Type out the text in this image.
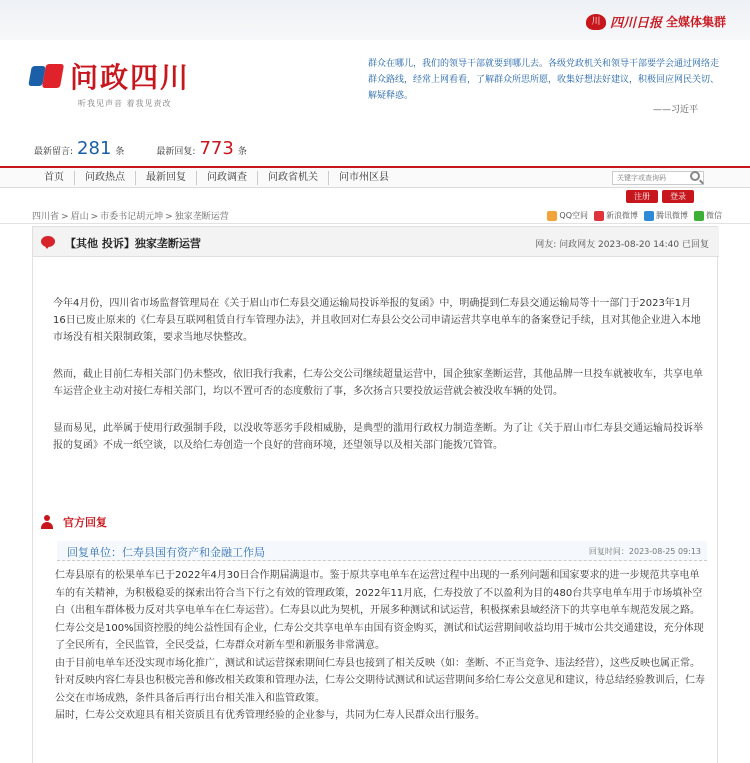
川 四川日报 全媒体集群
问政四川
听我见声音 着我见责改
群众在哪儿，我们的领导干部就要到哪儿去。各级党政机关和领导干部要学会通过网络走群众路线，经常上网看看，了解群众所思所愿，收集好想法好建议，积极回应网民关切、解疑释惑。
——习近平
最新留言: 281 条	最新回复: 773 条
首页	问政热点	最新回复	问政调查	问政省机关	问市州区县	关键字或查询码
注册	登录
四川省 > 眉山 > 市委书记胡元坤 > 独家垄断运营	QQ空间 新浪微博 腾讯微博 微信
【其他 投诉】独家垄断运营	网友: 问政网友 2023-08-20 14:40 已回复

今年4月份，四川省市场监督管理局在《关于眉山市仁寿县交通运输局投诉举报的复函》中，明确提到仁寿县交通运输局等十一部门于2023年1月16日已废止原来的《仁寿县互联网租赁自行车管理办法》，并且收回对仁寿县公交公司申请运营共享电单车的备案登记手续，且对其他企业进入本地市场没有相关限制政策，要求当地尽快整改。

然而，截止目前仁寿相关部门仍未整改，依旧我行我素，仁寿公交公司继续超量运营中，国企独家垄断运营，其他品牌一旦投车就被收车，共享电单车运营企业主动对接仁寿相关部门，均以不置可否的态度敷衍了事，多次扬言只要投放运营就会被没收车辆的处罚。

显而易见，此举属于使用行政强制手段，以没收等恶劣手段相威胁，是典型的滥用行政权力制造垄断。为了让《关于眉山市仁寿县交通运输局投诉举报的复函》不成一纸空谈，以及给仁寿创造一个良好的营商环境，还望领导以及相关部门能拨冗管管。

官方回复
回复单位：仁寿县国有资产和金融工作局	回复时间：2023-08-25 09:13
仁寿县原有的松果单车已于2022年4月30日合作期届满退市。鉴于原共享电单车在运营过程中出现的一系列问题和国家要求的进一步规范共享电单车的有关精神，为积极稳妥的探索出符合当下行之有效的管理政策，2022年11月底，仁寿投放了不以盈利为目的480台共享电单车用于市场填补空白（出租车群体极力反对共享电单车在仁寿运营）。仁寿县以此为契机，开展多种测试和试运营，积极探索县域经济下的共享电单车规范发展之路。
仁寿公交是100%国资控股的纯公益性国有企业，仁寿公交共享电单车由国有资金购买，测试和试运营期间收益均用于城市公共交通建设，充分体现了全民所有，全民监管，全民受益，仁寿群众对新车型和新服务非常满意。
由于目前电单车还没实现市场化推广，测试和试运营探索期间仁寿县也接到了相关反映（如：垄断、不正当竞争、违法经营），这些反映也属正常。针对反映内容仁寿县也积极完善和修改相关政策和管理办法，仁寿公交期待试测试和试运营期间多给仁寿公交意见和建议，待总结经验教训后，仁寿公交在市场成熟，条件具备后再行出台相关准入和监管政策。
届时，仁寿公交欢迎具有相关资质且有优秀管理经验的企业参与，共同为仁寿人民群众出行服务。
